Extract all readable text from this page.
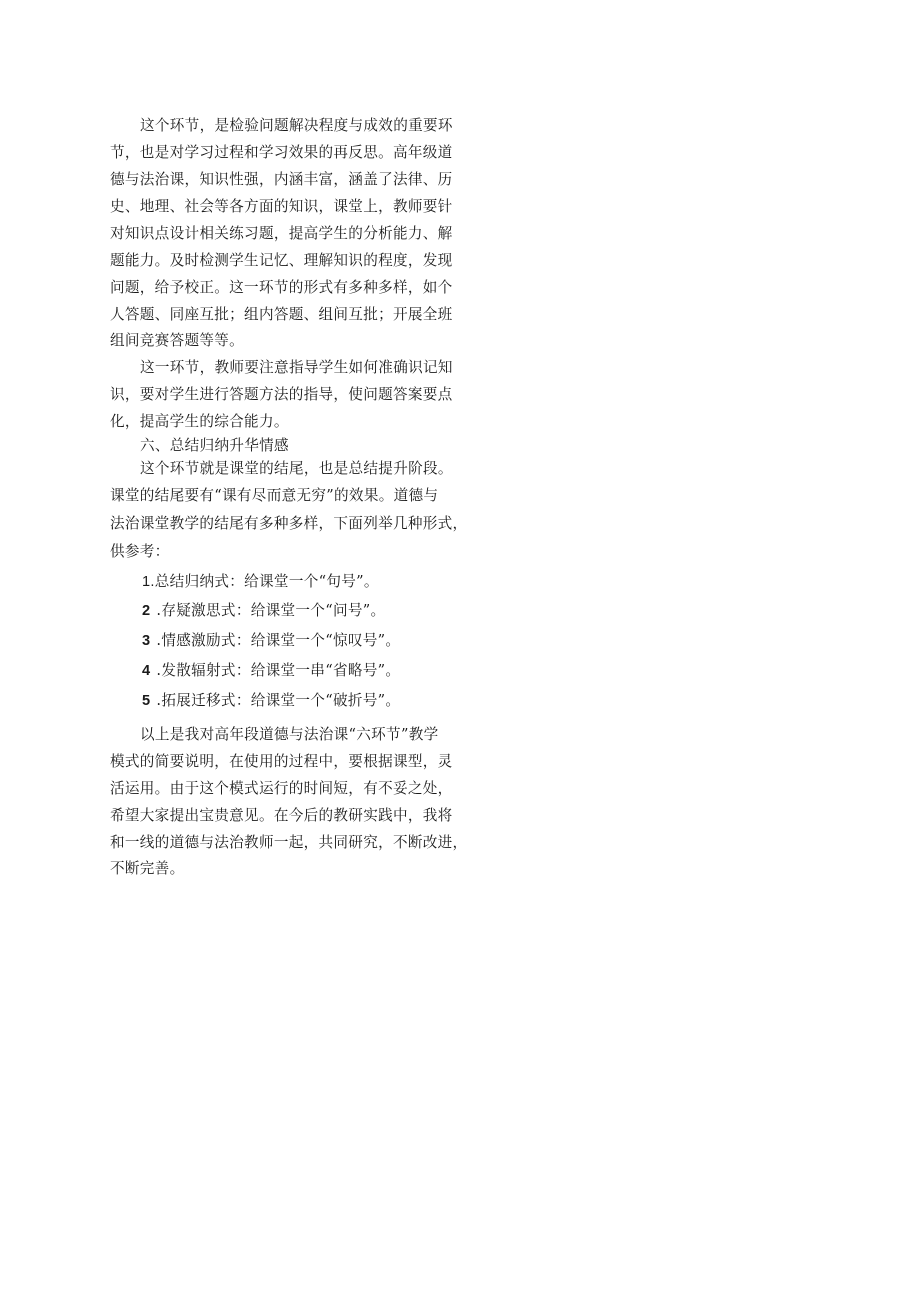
这个环节，是检验问题解决程度与成效的重要环
节，也是对学习过程和学习效果的再反思。高年级道
德与法治课，知识性强，内涵丰富，涵盖了法律、历
史、地理、社会等各方面的知识，课堂上，教师要针
对知识点设计相关练习题，提高学生的分析能力、解
题能力。及时检测学生记忆、理解知识的程度，发现
问题，给予校正。这一环节的形式有多种多样，如个
人答题、同座互批；组内答题、组间互批；开展全班
组间竞赛答题等等。
这一环节，教师要注意指导学生如何准确识记知
识，要对学生进行答题方法的指导，使问题答案要点
化，提高学生的综合能力。
六、总结归纳升华情感
这个环节就是课堂的结尾，也是总结提升阶段。
课堂的结尾要有“课有尽而意无穷”的效果。道德与
法治课堂教学的结尾有多种多样，下面列举几种形式，
供参考：
1.总结归纳式：给课堂一个“句号”。
2 .存疑激思式：给课堂一个“问号”。
3 .情感激励式：给课堂一个“惊叹号”。
4 .发散辐射式：给课堂一串“省略号”。
5 .拓展迁移式：给课堂一个“破折号”。
以上是我对高年段道德与法治课“六环节”教学
模式的简要说明，在使用的过程中，要根据课型，灵
活运用。由于这个模式运行的时间短，有不妥之处，
希望大家提出宝贵意见。在今后的教研实践中，我将
和一线的道德与法治教师一起，共同研究，不断改进，
不断完善。
